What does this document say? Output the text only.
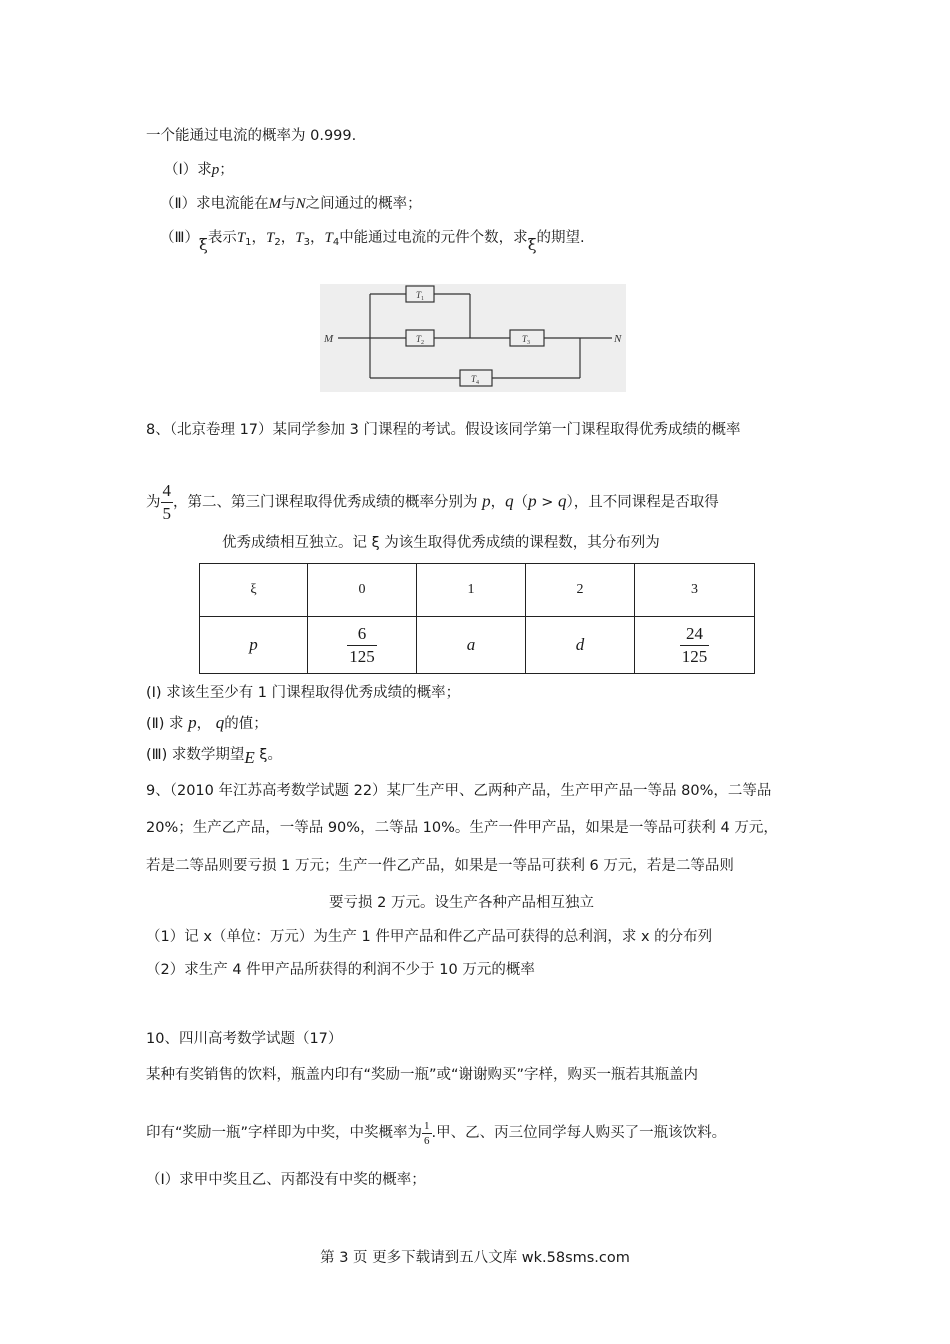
一个能通过电流的概率为 0.999.
（Ⅰ）求p；
（Ⅱ）求电流能在M与N之间通过的概率；
（Ⅲ）ξ表示$T_1$，$T_2$，$T_3$，$T_4$中能通过电流的元件个数，求ξ的期望.
M	N
$T_1$
$T_2$	$T_3$
$T_4$
8、（北京卷理 17）某同学参加 3 门课程的考试。假设该同学第一门课程取得优秀成绩的概率
为 $\frac{4}{5}$ ，第二、第三门课程取得优秀成绩的概率分别为 p，q（p > q），且不同课程是否取得
优秀成绩相互独立。记 ξ 为该生取得优秀成绩的课程数，其分布列为
ξ	0	1	2	3
p	$\frac{6}{125}$	a	d	$\frac{24}{125}$
(Ⅰ) 求该生至少有 1 门课程取得优秀成绩的概率；
(Ⅱ) 求 p， q的值；
(Ⅲ) 求数学期望E ξ。
9、（2010 年江苏高考数学试题 22）某厂生产甲、乙两种产品，生产甲产品一等品 80%，二等品
20%；生产乙产品，一等品 90%，二等品 10%。生产一件甲产品，如果是一等品可获利 4 万元，
若是二等品则要亏损 1 万元；生产一件乙产品，如果是一等品可获利 6 万元，若是二等品则
要亏损 2 万元。设生产各种产品相互独立
（1）记 x（单位：万元）为生产 1 件甲产品和件乙产品可获得的总利润，求 x 的分布列
（2）求生产 4 件甲产品所获得的利润不少于 10 万元的概率
10、四川高考数学试题（17）
某种有奖销售的饮料，瓶盖内印有“奖励一瓶”或“谢谢购买”字样，购买一瓶若其瓶盖内
印有“奖励一瓶”字样即为中奖，中奖概率为 $\frac{1}{6}$ .甲、乙、丙三位同学每人购买了一瓶该饮料。
（Ⅰ）求甲中奖且乙、丙都没有中奖的概率；
第 3 页 更多下载请到五八文库 wk.58sms.com
